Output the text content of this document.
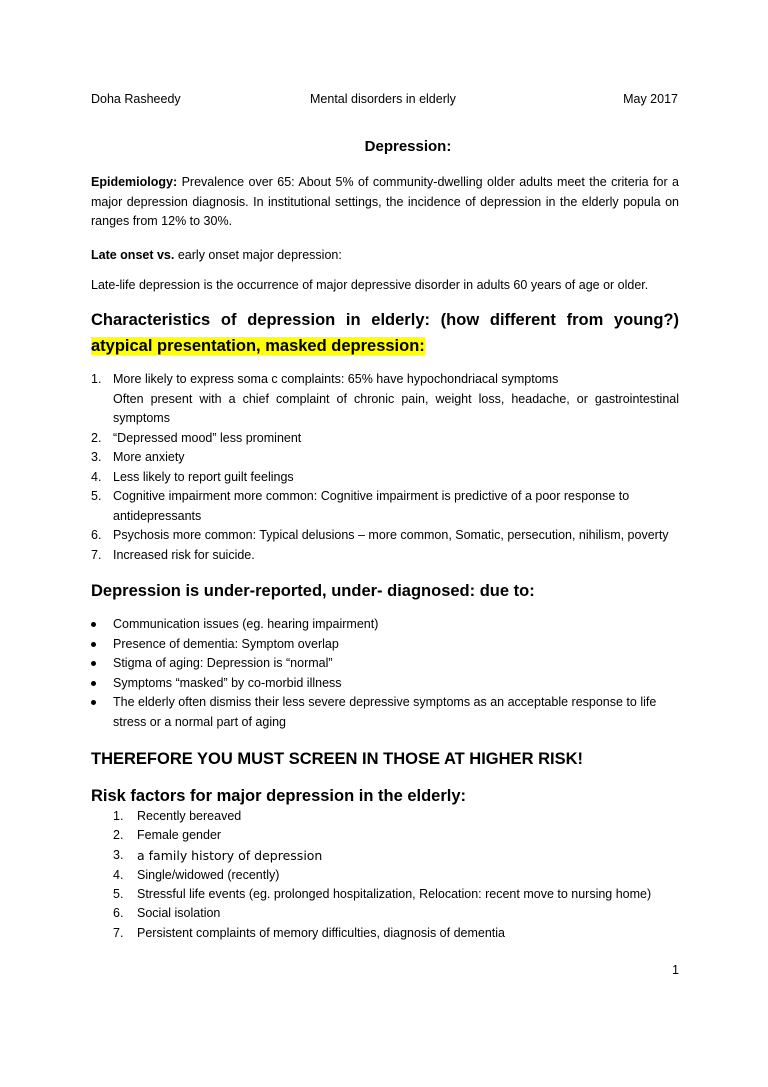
Doha Rasheedy	Mental disorders in elderly	May 2017
Depression:
Epidemiology: Prevalence over 65: About 5% of community-dwelling older adults meet the criteria for a major depression diagnosis. In institutional settings, the incidence of depression in the elderly popula on ranges from 12% to 30%.
Late onset vs. early onset major depression:
Late-life depression is the occurrence of major depressive disorder in adults 60 years of age or older.
Characteristics of depression in elderly: (how different from young?) atypical presentation, masked depression:
1. More likely to express soma c complaints: 65% have hypochondriacal symptoms
Often present with a chief complaint of chronic pain, weight loss, headache, or gastrointestinal symptoms
2. “Depressed mood” less prominent
3. More anxiety
4. Less likely to report guilt feelings
5. Cognitive impairment more common: Cognitive impairment is predictive of a poor response to antidepressants
6. Psychosis more common: Typical delusions – more common, Somatic, persecution, nihilism, poverty
7. Increased risk for suicide.
Depression is under-reported, under- diagnosed: due to:
Communication issues (eg. hearing impairment)
Presence of dementia: Symptom overlap
Stigma of aging: Depression is “normal”
Symptoms “masked” by co-morbid illness
The elderly often dismiss their less severe depressive symptoms as an acceptable response to life stress or a normal part of aging
THEREFORE YOU MUST SCREEN IN THOSE AT HIGHER RISK!
Risk factors for major depression in the elderly:
1. Recently bereaved
2. Female gender
3. a family history of depression
4. Single/widowed (recently)
5. Stressful life events (eg. prolonged hospitalization, Relocation: recent move to nursing home)
6. Social isolation
7. Persistent complaints of memory difficulties, diagnosis of dementia
1
